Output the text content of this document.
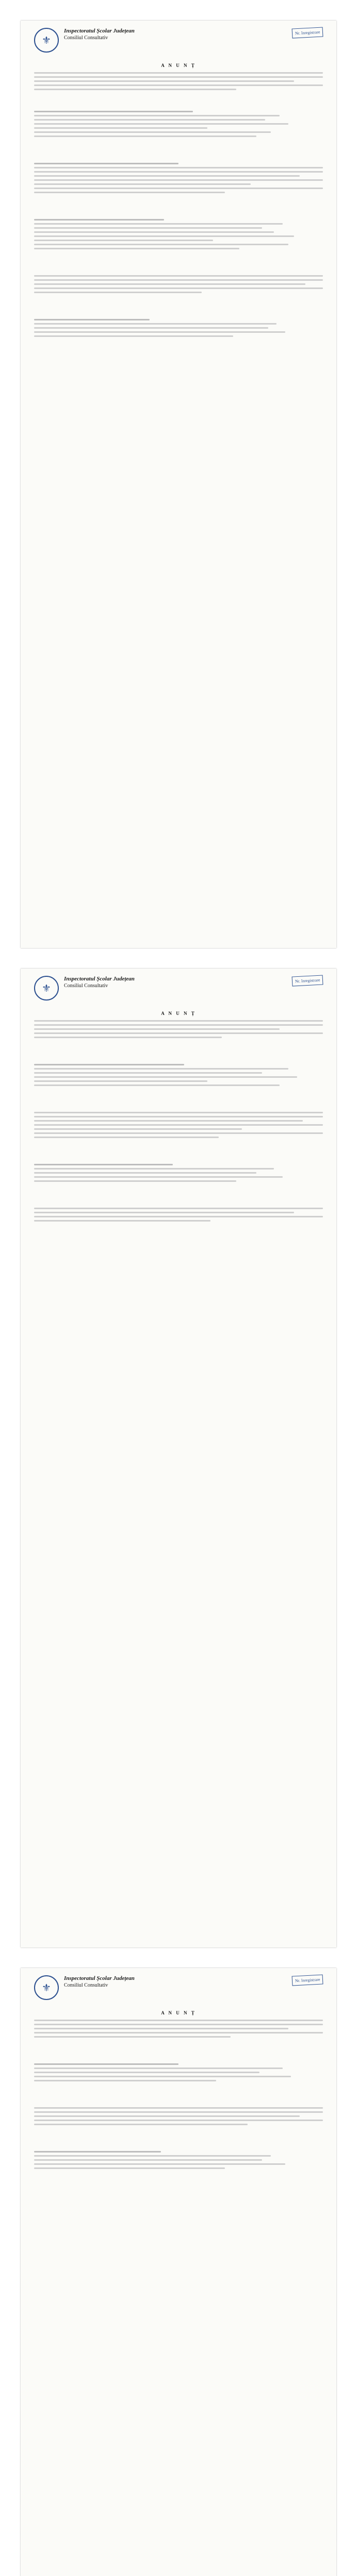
⚜
Inspectoratul Școlar Județean
Consiliul Consultativ
Nr. înregistrare
A N U N Ț
⚜
Inspectoratul Școlar Județean
Consiliul Consultativ
Nr. înregistrare
A N U N Ț
⚜
Inspectoratul Școlar Județean
Consiliul Consultativ
Nr. înregistrare
A N U N Ț
